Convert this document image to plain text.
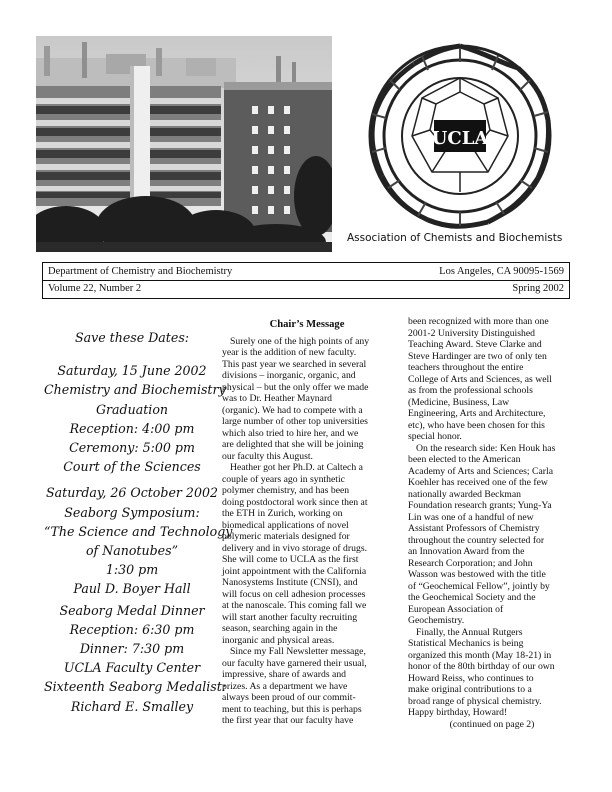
UCLA
Association of Chemists and Biochemists
Department of Chemistry and Biochemistry	Los Angeles, CA 90095-1569
Volume 22, Number 2	Spring 2002
Save these Dates:
Saturday, 15 June 2002
Chemistry and Biochemistry
Graduation
Reception: 4:00 pm
Ceremony: 5:00 pm
Court of the Sciences
Saturday, 26 October 2002
Seaborg Symposium:
“The Science and Technology
of Nanotubes”
1:30 pm
Paul D. Boyer Hall
Seaborg Medal Dinner
Reception: 6:30 pm
Dinner: 7:30 pm
UCLA Faculty Center
Sixteenth Seaborg Medalist:
Richard E. Smalley
Chair’s Message
Surely one of the high points of any
year is the addition of new faculty.
This past year we searched in several
divisions – inorganic, organic, and
physical – but the only offer we made
was to Dr. Heather Maynard
(organic). We had to compete with a
large number of other top universities
which also tried to hire her, and we
are delighted that she will be joining
our faculty this August.
Heather got her Ph.D. at Caltech a
couple of years ago in synthetic
polymer chemistry, and has been
doing postdoctoral work since then at
the ETH in Zurich, working on
biomedical applications of novel
polymeric materials designed for
delivery and in vivo storage of drugs.
She will come to UCLA as the first
joint appointment with the California
Nanosystems Institute (CNSI), and
will focus on cell adhesion processes
at the nanoscale. This coming fall we
will start another faculty recruiting
season, searching again in the
inorganic and physical areas.
Since my Fall Newsletter message,
our faculty have garnered their usual,
impressive, share of awards and
prizes. As a department we have
always been proud of our commit-
ment to teaching, but this is perhaps
the first year that our faculty have
been recognized with more than one
2001-2 University Distinguished
Teaching Award. Steve Clarke and
Steve Hardinger are two of only ten
teachers throughout the entire
College of Arts and Sciences, as well
as from the professional schools
(Medicine, Business, Law
Engineering, Arts and Architecture,
etc), who have been chosen for this
special honor.
On the research side: Ken Houk has
been elected to the American
Academy of Arts and Sciences; Carla
Koehler has received one of the few
nationally awarded Beckman
Foundation research grants; Yung-Ya
Lin was one of a handful of new
Assistant Professors of Chemistry
throughout the country selected for
an Innovation Award from the
Research Corporation; and John
Wasson was bestowed with the title
of “Geochemical Fellow”, jointly by
the Geochemical Society and the
European Association of
Geochemistry.
Finally, the Annual Rutgers
Statistical Mechanics is being
organized this month (May 18-21) in
honor of the 80th birthday of our own
Howard Reiss, who continues to
make original contributions to a
broad range of physical chemistry.
Happy birthday, Howard!
(continued on page 2)
